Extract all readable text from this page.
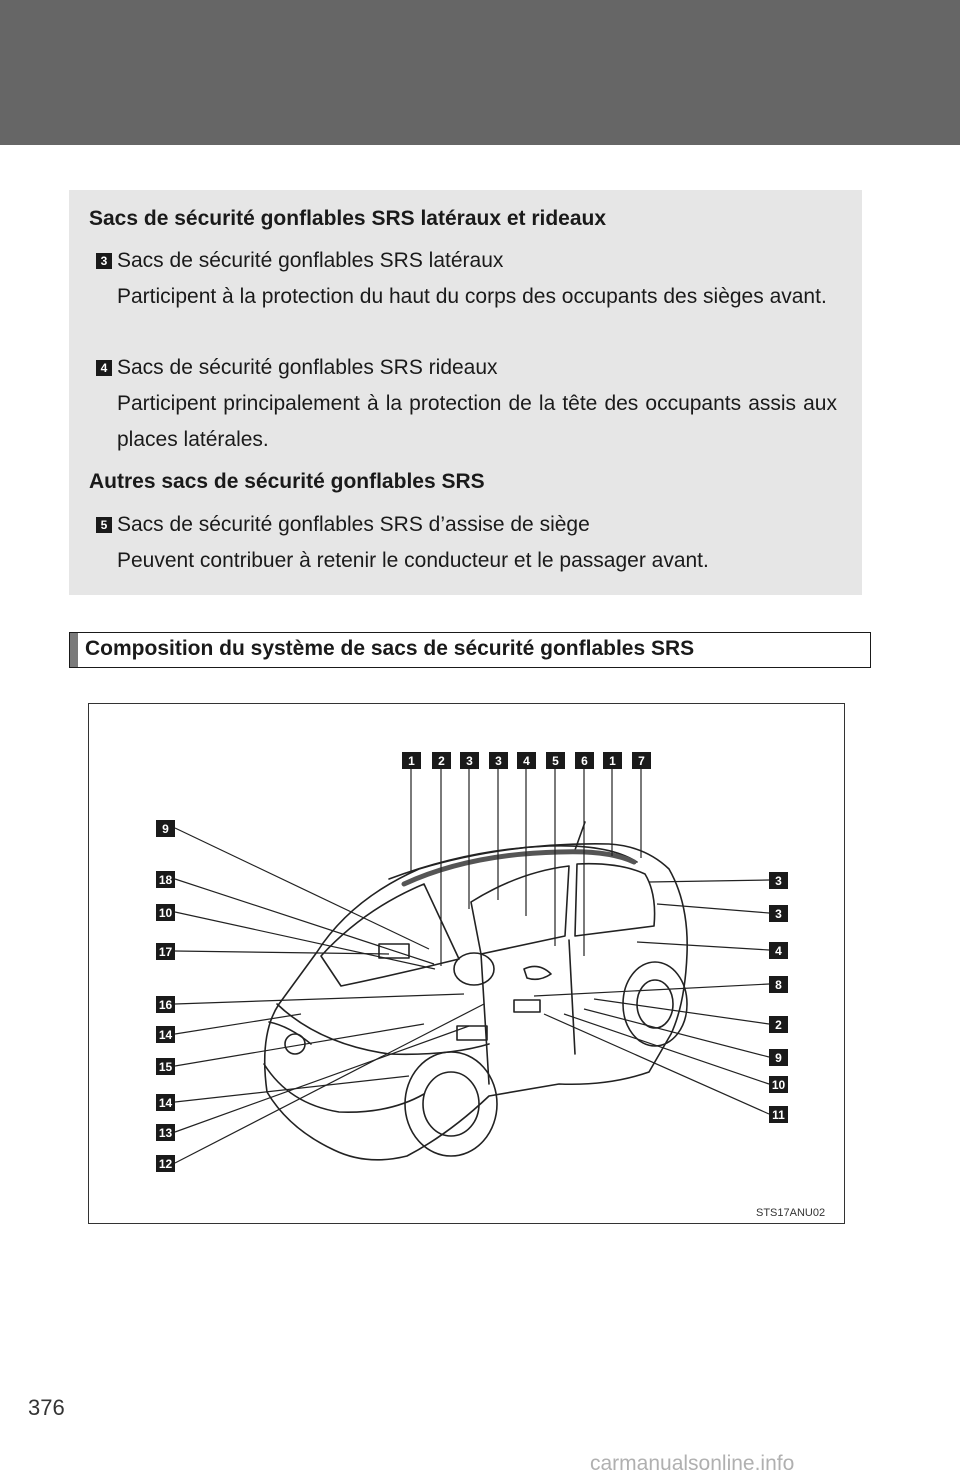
Sacs de sécurité gonflables SRS latéraux et rideaux
3 Sacs de sécurité gonflables SRS latéraux
Participent à la protection du haut du corps des occupants des sièges avant.
4 Sacs de sécurité gonflables SRS rideaux
Participent principalement à la protection de la tête des occupants assis aux places latérales.
Autres sacs de sécurité gonflables SRS
5 Sacs de sécurité gonflables SRS d’assise de siège
Peuvent contribuer à retenir le conducteur et le passager avant.
Composition du système de sacs de sécurité gonflables SRS
1 2 3 3 4 5 6 1 7
9
18
10
17
16
14
15
14
13
12
3
3
4
8
2
9
10
11
STS17ANU02
376
carmanualsonline.info
